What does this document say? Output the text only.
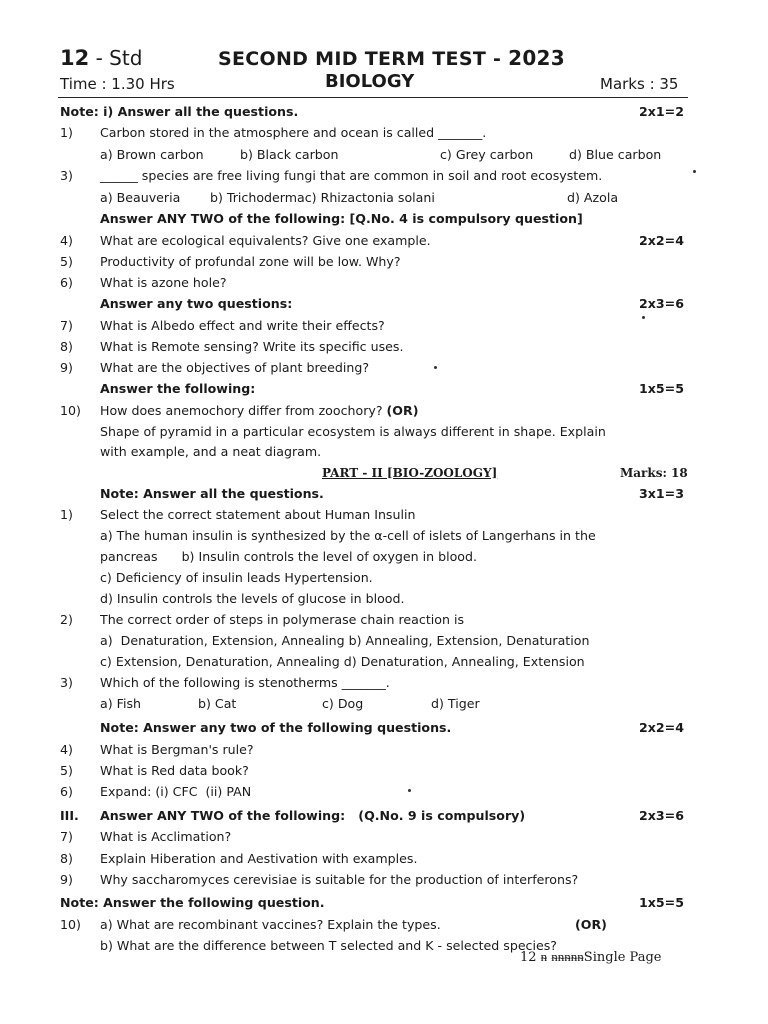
12 - Std	SECOND MID TERM TEST - 2023
Time : 1.30 Hrs	BIOLOGY	Marks : 35
Note: i) Answer all the questions.	2x1=2
1) Carbon stored in the atmosphere and ocean is called _______.
a) Brown carbon	b) Black carbon	c) Grey carbon	d) Blue carbon
3) ______ species are free living fungi that are common in soil and root ecosystem.
a) Beauveria b) Trichodermac) Rhizactonia solani	d) Azola
Answer ANY TWO of the following: [Q.No. 4 is compulsory question]
4) What are ecological equivalents? Give one example.	2x2=4
5) Productivity of profundal zone will be low. Why?
6) What is azone hole?
Answer any two questions:	2x3=6
7) What is Albedo effect and write their effects?
8) What is Remote sensing? Write its specific uses.
9) What are the objectives of plant breeding?
Answer the following:	1x5=5
10) How does anemochory differ from zoochory? (OR)
Shape of pyramid in a particular ecosystem is always different in shape. Explain
with example, and a neat diagram.
PART - II [BIO-ZOOLOGY]	Marks: 18
Note: Answer all the questions.	3x1=3
1) Select the correct statement about Human Insulin
a) The human insulin is synthesized by the α-cell of islets of Langerhans in the
pancreas      b) Insulin controls the level of oxygen in blood.
c) Deficiency of insulin leads Hypertension.
d) Insulin controls the levels of glucose in blood.
2) The correct order of steps in polymerase chain reaction is
a)  Denaturation, Extension, Annealing b) Annealing, Extension, Denaturation
c) Extension, Denaturation, Annealing d) Denaturation, Annealing, Extension
3) Which of the following is stenotherms _______.
a) Fish	b) Cat	c) Dog	d) Tiger
Note: Answer any two of the following questions.	2x2=4
4) What is Bergman's rule?
5) What is Red data book?
6) Expand: (i) CFC  (ii) PAN
III. Answer ANY TWO of the following:   (Q.No. 9 is compulsory)	2x3=6
7) What is Acclimation?
8) Explain Hiberation and Aestivation with examples.
9) Why saccharomyces cerevisiae is suitable for the production of interferons?
Note: Answer the following question.	1x5=5
10) a) What are recombinant vaccines? Explain the types.	(OR)
b) What are the difference between T selected and K - selected species?
12 ᵰ ᵰᵰᵰᵰᵰSingle Page
